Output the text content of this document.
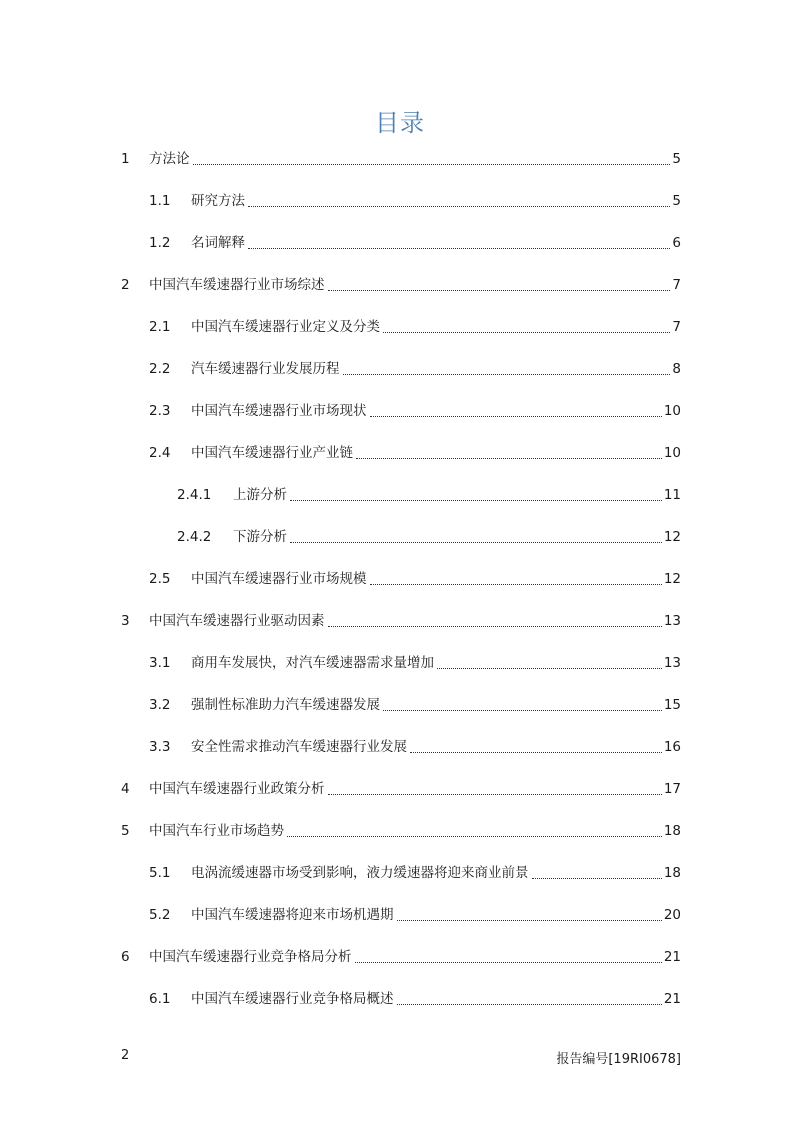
目录
1	方法论	5
1.1	研究方法	5
1.2	名词解释	6
2	中国汽车缓速器行业市场综述	7
2.1	中国汽车缓速器行业定义及分类	7
2.2	汽车缓速器行业发展历程	8
2.3	中国汽车缓速器行业市场现状	10
2.4	中国汽车缓速器行业产业链	10
2.4.1	上游分析	11
2.4.2	下游分析	12
2.5	中国汽车缓速器行业市场规模	12
3	中国汽车缓速器行业驱动因素	13
3.1	商用车发展快，对汽车缓速器需求量增加	13
3.2	强制性标准助力汽车缓速器发展	15
3.3	安全性需求推动汽车缓速器行业发展	16
4	中国汽车缓速器行业政策分析	17
5	中国汽车行业市场趋势	18
5.1	电涡流缓速器市场受到影响，液力缓速器将迎来商业前景	18
5.2	中国汽车缓速器将迎来市场机遇期	20
6	中国汽车缓速器行业竞争格局分析	21
6.1	中国汽车缓速器行业竞争格局概述	21
2	报告编号[19RI0678]
